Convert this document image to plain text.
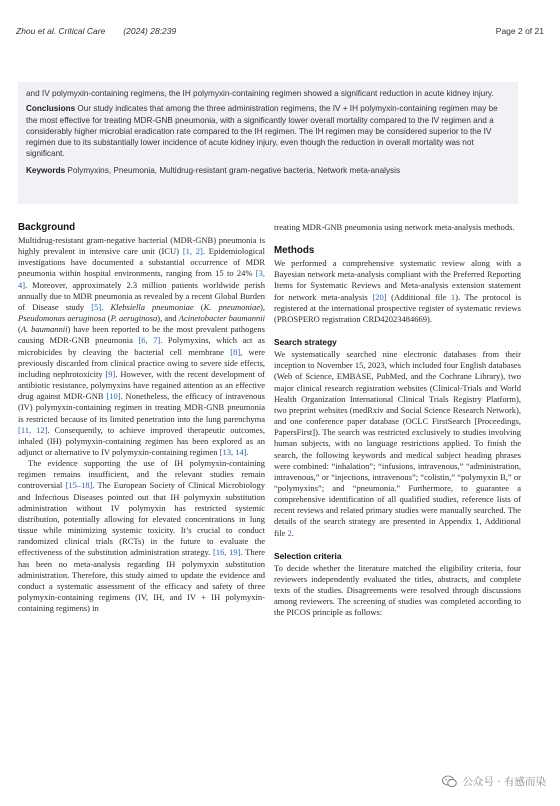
Zhou et al. Critical Care (2024) 28:239	Page 2 of 21

and IV polymyxin-containing regimens, the IH polymyxin-containing regimen showed a significant reduction in acute kidney injury.

Conclusions Our study indicates that among the three administration regimens, the IV + IH polymyxin-containing regimen may be the most effective for treating MDR-GNB pneumonia, with a significantly lower overall mortality compared to the IV regimen and a considerably higher microbial eradication rate compared to the IH regimen. The IH regimen may be considered superior to the IV regimen due to its substantially lower incidence of acute kidney injury, even though the reduction in overall mortality was not significant.

Keywords Polymyxins, Pneumonia, Multidrug-resistant gram-negative bacteria, Network meta-analysis

Background

Multidrug-resistant gram-negative bacterial (MDR-GNB) pneumonia is highly prevalent in intensive care unit (ICU) [1, 2]. Epidemiological investigations have documented a substantial occurrence of MDR pneumonia within hospital environments, ranging from 15 to 24% [3, 4]. Moreover, approximately 2.3 million patients worldwide perish annually due to MDR pneumonia as revealed by a recent Global Burden of Disease study [5]. Klebsiella pneumoniae (K. pneumoniae), Pseudomonas aeruginosa (P. aeruginosa), and Acinetobacter baumannii (A. baumannii) have been reported to be the most prevalent pathogens causing MDR-GNB pneumonia [6, 7]. Polymyxins, which act as microbicides by cleaving the bacterial cell membrane [8], were previously discarded from clinical practice owing to severe side effects, including nephrotoxicity [9]. However, with the recent development of antibiotic resistance, polymyxins have regained attention as an effective drug against MDR-GNB [10]. Nonetheless, the efficacy of intravenous (IV) polymyxin-containing regimen in treating MDR-GNB pneumonia is restricted because of its limited penetration into the lung parenchyma [11, 12]. Consequently, to achieve improved therapeutic outcomes, inhaled (IH) polymyxin-containing regimen has been explored as an adjunct or alternative to IV polymyxin-containing regimen [13, 14].

The evidence supporting the use of IH polymyxin-containing regimen remains insufficient, and the relevant studies remain controversial [15–18]. The European Society of Clinical Microbiology and Infectious Diseases pointed out that IH polymyxin substitution administration without IV polymyxin has restricted systemic distribution, potentially allowing for elevated concentrations in lung tissue while minimizing systemic toxicity. It’s crucial to conduct randomized clinical trials (RCTs) in the future to evaluate the effectiveness of the substitution administration strategy. [16, 19]. There has been no meta-analysis regarding IH polymyxin substitution administration. Therefore, this study aimed to update the evidence and conduct a systematic assessment of the efficacy and safety of three polymyxin-containing regimens (IV, IH, and IV + IH polymyxin-containing regimens) in

treating MDR-GNB pneumonia using network meta-analysis methods.

Methods

We performed a comprehensive systematic review along with a Bayesian network meta-analysis compliant with the Preferred Reporting Items for Systematic Reviews and Meta-analysis extension statement for network meta-analysis [20] (Additional file 1). The protocol is registered at the international prospective register of systematic reviews (PROSPERO registration CRD42023484669).

Search strategy

We systematically searched nine electronic databases from their inception to November 15, 2023, which included four English databases (Web of Science, EMBASE, PubMed, and the Cochrane Library), two major clinical research registration websites (Clinical-Trials and World Health Organization International Clinical Trials Registry Platform), two preprint websites (medRxiv and Social Science Research Network), and one conference paper database (OCLC FirstSearch [Proceedings, PapersFirst]). The search was restricted exclusively to studies involving human subjects, with no language restrictions applied. To finish the search, the following keywords and medical subject heading phrases were combined: “inhalation”; “infusions, intravenous,” “administration, intravenous,” or “injections, intravenous”; “colistin,” “polymyxin B,” or “polymyxins”; and “pneumonia.” Furthermore, to guarantee a comprehensive identification of all qualified studies, reference lists of recent reviews and related primary studies were manually searched. The details of the search strategy are presented in Appendix 1, Additional file 2.

Selection criteria

To decide whether the literature matched the eligibility criteria, four reviewers independently evaluated the titles, abstracts, and complete texts of the studies. Disagreements were resolved through discussions among reviewers. The screening of studies was completed according to the PICOS principle as follows:

公众号 · 有感而染
